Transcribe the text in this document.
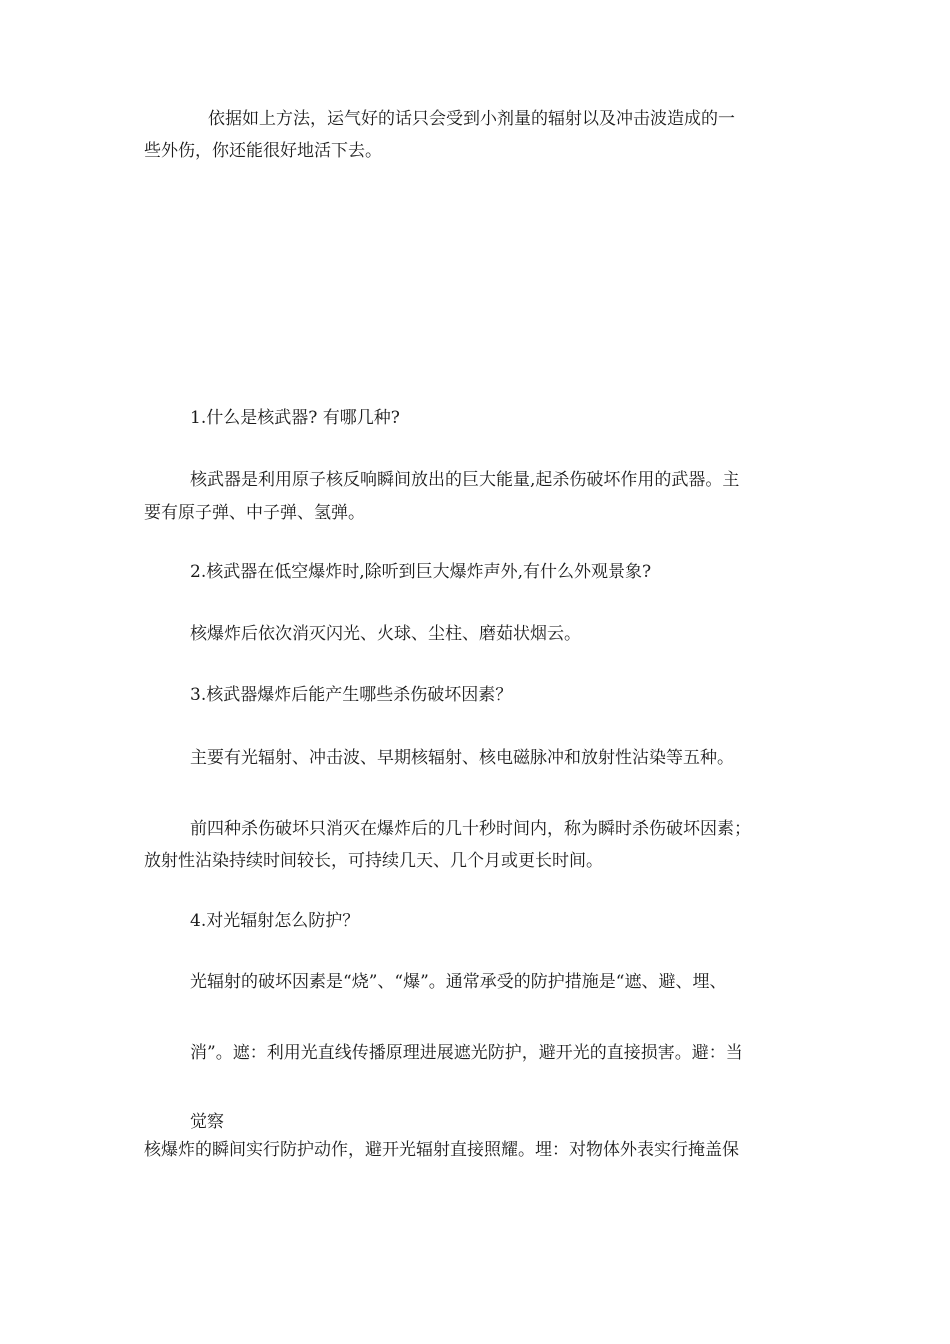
依据如上方法，运气好的话只会受到小剂量的辐射以及冲击波造成的一

些外伤，你还能很好地活下去。

1.什么是核武器? 有哪几种?

核武器是利用原子核反响瞬间放出的巨大能量,起杀伤破坏作用的武器。主

要有原子弹、中子弹、氢弹。

2.核武器在低空爆炸时,除听到巨大爆炸声外,有什么外观景象?

核爆炸后依次消灭闪光、火球、尘柱、磨茹状烟云。

3.核武器爆炸后能产生哪些杀伤破坏因素？

主要有光辐射、冲击波、早期核辐射、核电磁脉冲和放射性沾染等五种。

前四种杀伤破坏只消灭在爆炸后的几十秒时间内，称为瞬时杀伤破坏因素；

放射性沾染持续时间较长，可持续几天、几个月或更长时间。

4.对光辐射怎么防护？

光辐射的破坏因素是“烧”、“爆”。通常承受的防护措施是“遮、避、埋、

消”。遮：利用光直线传播原理进展遮光防护，避开光的直接损害。避：当

觉察

核爆炸的瞬间实行防护动作，避开光辐射直接照耀。埋：对物体外表实行掩盖保
